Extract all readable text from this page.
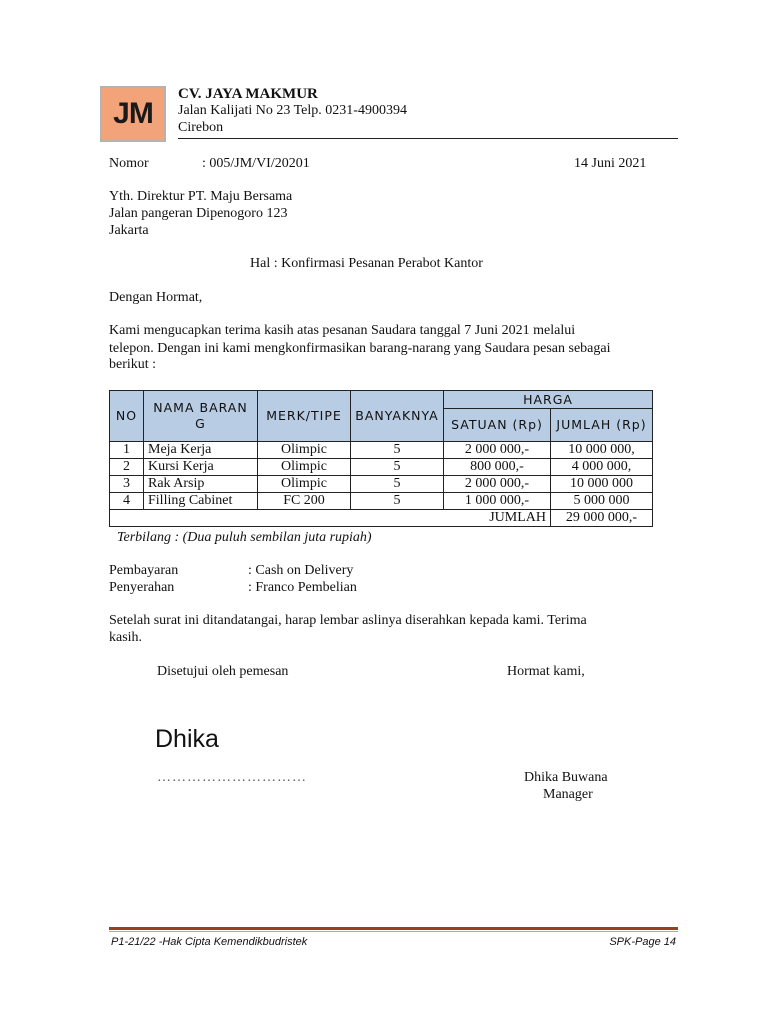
JM
CV. JAYA MAKMUR
Jalan Kalijati No 23 Telp. 0231-4900394
Cirebon
Nomor	: 005/JM/VI/20201	14 Juni 2021
Yth. Direktur PT. Maju Bersama
Jalan pangeran Dipenogoro 123
Jakarta
Hal : Konfirmasi Pesanan Perabot Kantor
Dengan Hormat,
Kami mengucapkan terima kasih atas pesanan Saudara tanggal 7 Juni 2021 melalui
telepon. Dengan ini kami mengkonfirmasikan barang-narang yang Saudara pesan sebagai
berikut :
NO	NAMA BARANG	MERK/TIPE	BANYAKNYA	HARGA	
				SATUAN (Rp)	JUMLAH (Rp)
1	Meja Kerja	Olimpic	5	2 000 000,-	10 000 000,
2	Kursi Kerja	Olimpic	5	800 000,-	4 000 000,
3	Rak Arsip	Olimpic	5	2 000 000,-	10 000 000
4	Filling Cabinet	FC 200	5	1 000 000,-	5 000 000
JUMLAH					29 000 000,-
Terbilang : (Dua puluh sembilan juta rupiah)
Pembayaran	: Cash on Delivery
Penyerahan	: Franco Pembelian
Setelah surat ini ditandatangai, harap lembar aslinya diserahkan kepada kami. Terima
kasih.
Disetujui oleh pemesan	Hormat kami,
Dhika
…………………………	Dhika Buwana
Manager
P1-21/22 -Hak Cipta Kemendikbudristek	SPK-Page 14
